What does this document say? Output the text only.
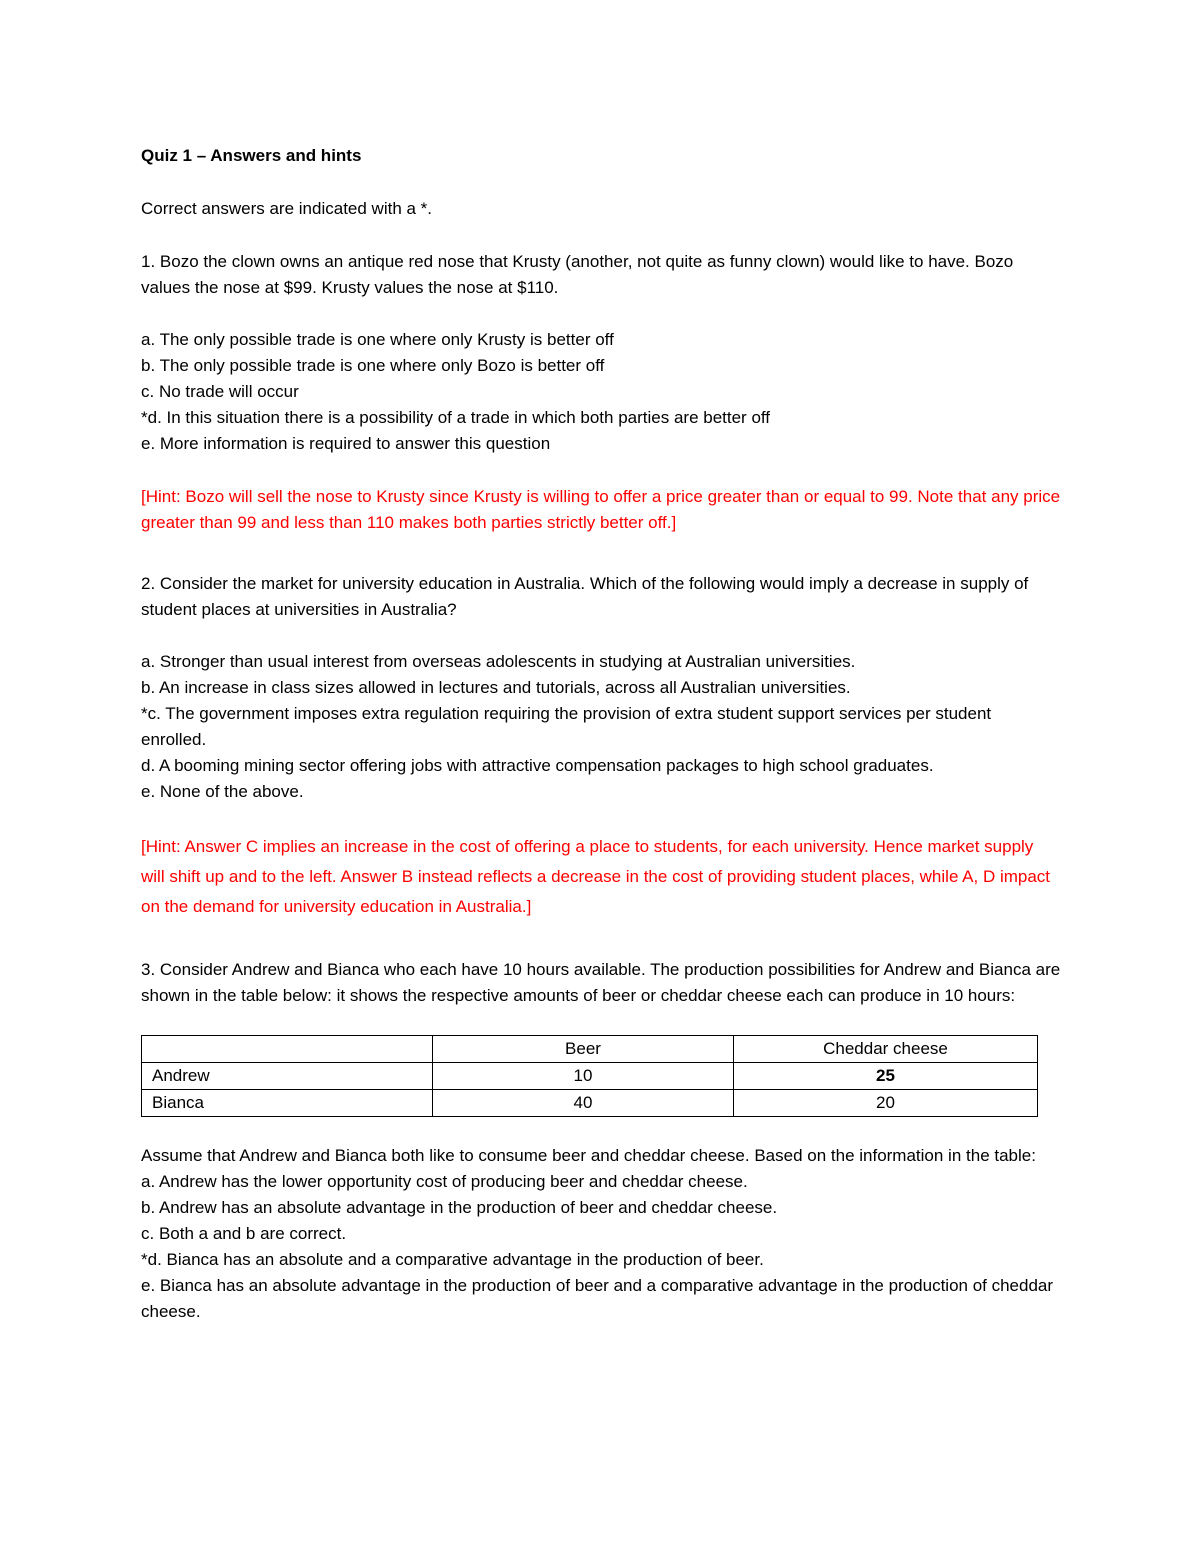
Quiz 1 – Answers and hints

Correct answers are indicated with a *.

1. Bozo the clown owns an antique red nose that Krusty (another, not quite as funny clown) would like to have. Bozo values the nose at $99. Krusty values the nose at $110.

a. The only possible trade is one where only Krusty is better off

b. The only possible trade is one where only Bozo is better off

c. No trade will occur

*d. In this situation there is a possibility of a trade in which both parties are better off

e. More information is required to answer this question

[Hint: Bozo will sell the nose to Krusty since Krusty is willing to offer a price greater than or equal to 99. Note that any price greater than 99 and less than 110 makes both parties strictly better off.]

2. Consider the market for university education in Australia. Which of the following would imply a decrease in supply of student places at universities in Australia?

a. Stronger than usual interest from overseas adolescents in studying at Australian universities.

b. An increase in class sizes allowed in lectures and tutorials, across all Australian universities.

*c. The government imposes extra regulation requiring the provision of extra student support services per student enrolled.

d. A booming mining sector offering jobs with attractive compensation packages to high school graduates.

e. None of the above.

[Hint: Answer C implies an increase in the cost of offering a place to students, for each university. Hence market supply will shift up and to the left. Answer B instead reflects a decrease in the cost of providing student places, while A, D impact on the demand for university education in Australia.]

3. Consider Andrew and Bianca who each have 10 hours available. The production possibilities for Andrew and Bianca are shown in the table below: it shows the respective amounts of beer or cheddar cheese each can produce in 10 hours:

	Beer	Cheddar cheese
Andrew	10	25
Bianca	40	20

Assume that Andrew and Bianca both like to consume beer and cheddar cheese. Based on the information in the table:

a. Andrew has the lower opportunity cost of producing beer and cheddar cheese.

b. Andrew has an absolute advantage in the production of beer and cheddar cheese.

c. Both a and b are correct.

*d. Bianca has an absolute and a comparative advantage in the production of beer.

e. Bianca has an absolute advantage in the production of beer and a comparative advantage in the production of cheddar cheese.
